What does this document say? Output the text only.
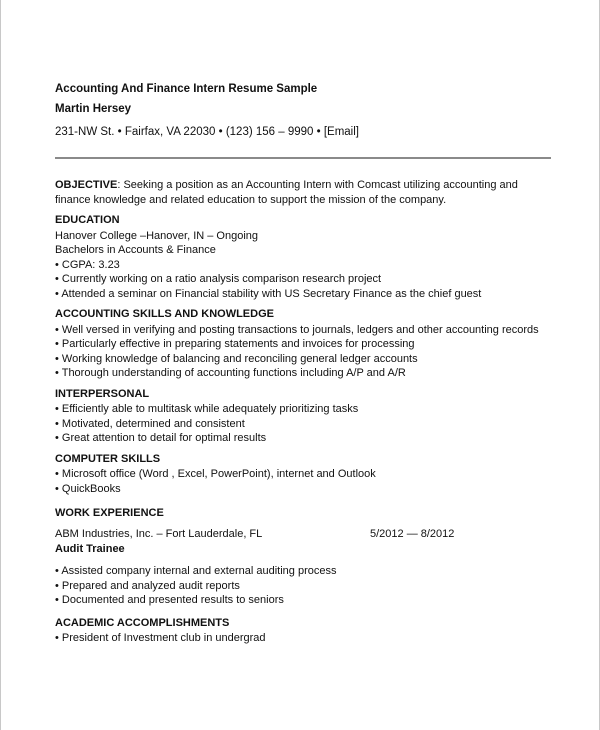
Accounting And Finance Intern Resume Sample
Martin Hersey
231-NW St. • Fairfax, VA 22030 • (123) 156 – 9990 • [Email]
OBJECTIVE: Seeking a position as an Accounting Intern with Comcast utilizing accounting and finance knowledge and related education to support the mission of the company.
EDUCATION
Hanover College –Hanover, IN – Ongoing
Bachelors in Accounts & Finance
• CGPA: 3.23
• Currently working on a ratio analysis comparison research project
• Attended a seminar on Financial stability with US Secretary Finance as the chief guest
ACCOUNTING SKILLS AND KNOWLEDGE
• Well versed in verifying and posting transactions to journals, ledgers and other accounting records
• Particularly effective in preparing statements and invoices for processing
• Working knowledge of balancing and reconciling general ledger accounts
• Thorough understanding of accounting functions including A/P and A/R
INTERPERSONAL
• Efficiently able to multitask while adequately prioritizing tasks
• Motivated, determined and consistent
• Great attention to detail for optimal results
COMPUTER SKILLS
• Microsoft office (Word , Excel, PowerPoint), internet and Outlook
• QuickBooks
WORK EXPERIENCE
ABM Industries, Inc. – Fort Lauderdale, FL	5/2012 — 8/2012
Audit Trainee
• Assisted company internal and external auditing process
• Prepared and analyzed audit reports
• Documented and presented results to seniors
ACADEMIC ACCOMPLISHMENTS
• President of Investment club in undergrad
